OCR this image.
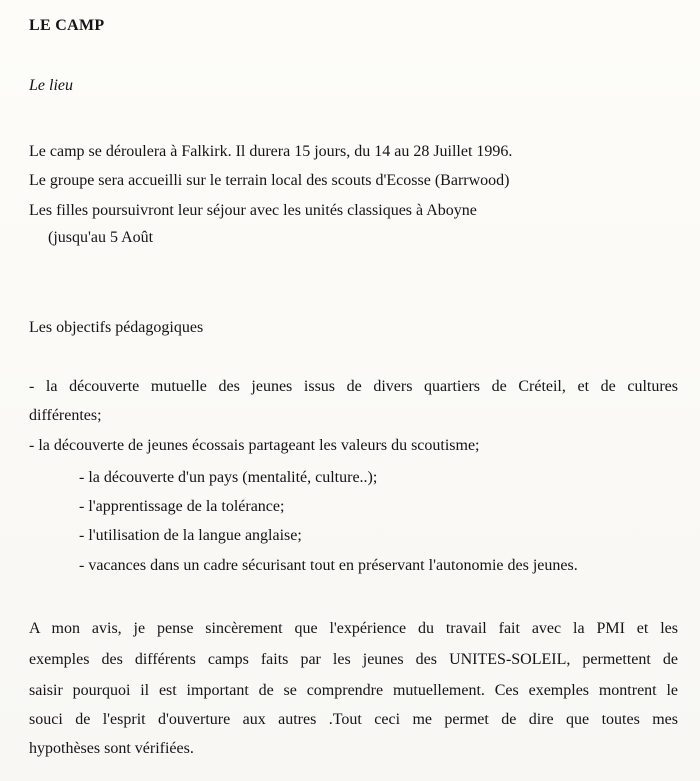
LE CAMP
Le lieu
Le camp se déroulera à Falkirk. Il durera 15 jours, du 14 au 28 Juillet 1996.
Le groupe sera accueilli sur le terrain local des scouts d'Ecosse (Barrwood)
Les filles poursuivront leur séjour avec les unités classiques à Aboyne
(jusqu'au 5 Août
Les objectifs pédagogiques
- la découverte mutuelle des jeunes issus de divers quartiers de Créteil, et de cultures
différentes;
- la découverte de jeunes écossais partageant les valeurs du scoutisme;
- la découverte d'un pays (mentalité, culture..);
- l'apprentissage de la tolérance;
- l'utilisation de la langue anglaise;
- vacances dans un cadre sécurisant tout en préservant l'autonomie des jeunes.
A mon avis, je pense sincèrement que l'expérience du travail fait avec la PMI et les
exemples des différents camps faits par les jeunes des UNITES-SOLEIL, permettent de
saisir pourquoi il est important de se comprendre mutuellement. Ces exemples montrent le
souci de l'esprit d'ouverture aux autres .Tout ceci me permet de dire que toutes mes
hypothèses sont vérifiées.
